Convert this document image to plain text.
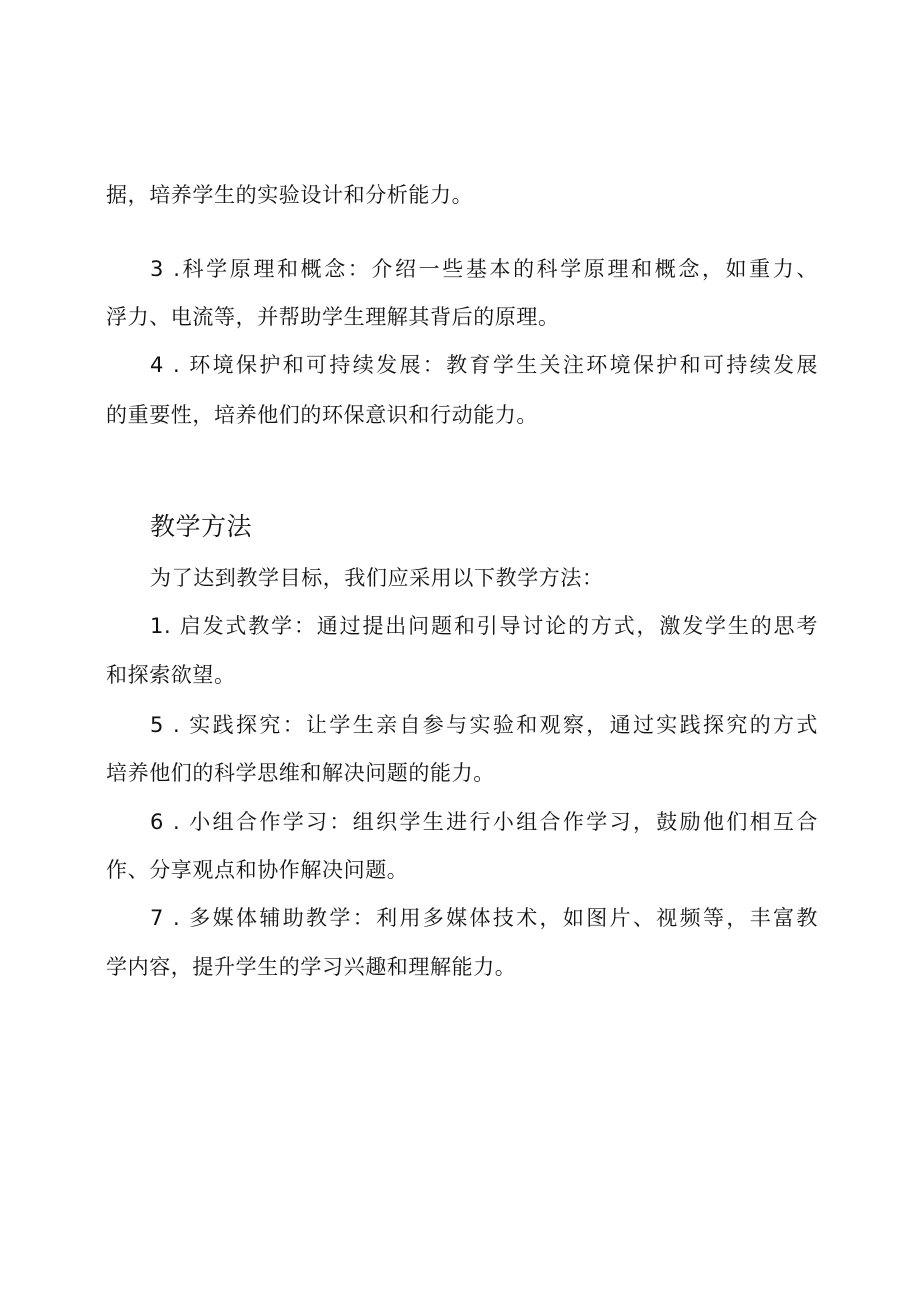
据，培养学生的实验设计和分析能力。
3 .科学原理和概念：介绍一些基本的科学原理和概念，如重力、
浮力、电流等，并帮助学生理解其背后的原理。
4 . 环境保护和可持续发展：教育学生关注环境保护和可持续发展
的重要性，培养他们的环保意识和行动能力。
教学方法
为了达到教学目标，我们应采用以下教学方法：
1. 启发式教学：通过提出问题和引导讨论的方式，激发学生的思考
和探索欲望。
5 . 实践探究：让学生亲自参与实验和观察，通过实践探究的方式
培养他们的科学思维和解决问题的能力。
6 . 小组合作学习：组织学生进行小组合作学习，鼓励他们相互合
作、分享观点和协作解决问题。
7 . 多媒体辅助教学：利用多媒体技术，如图片、视频等，丰富教
学内容，提升学生的学习兴趣和理解能力。
